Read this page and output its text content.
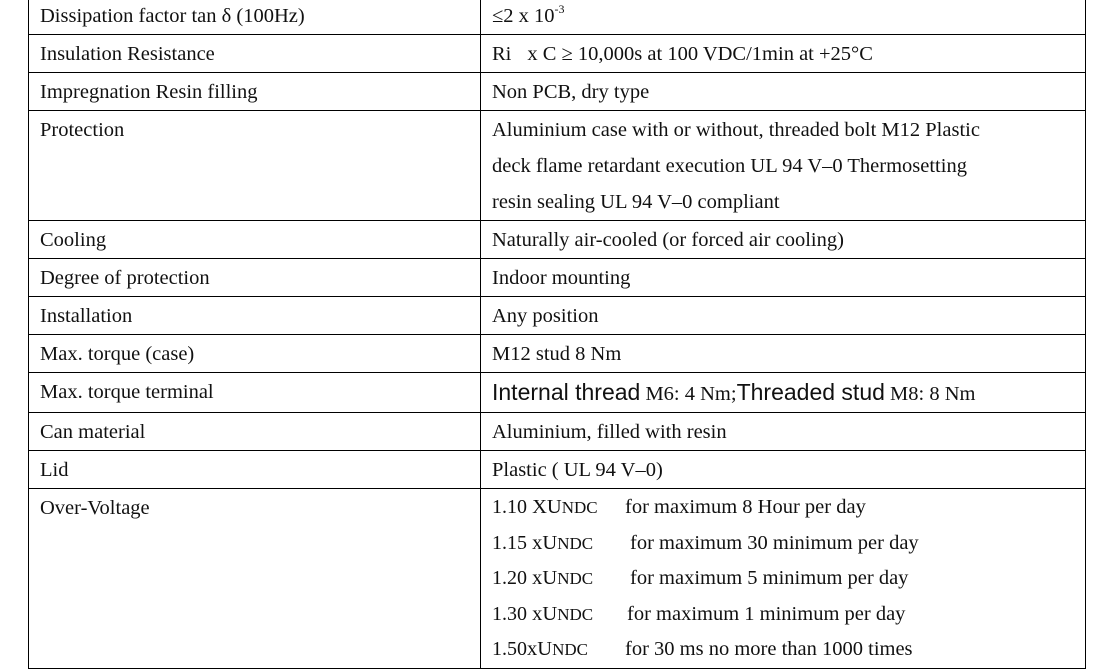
Dissipation factor tan δ (100Hz)	≤2 x $10^{-3}$
Insulation Resistance	Ri x C ≥ 10,000s at 100 VDC/1min at +25°C
Impregnation Resin filling	Non PCB, dry type
Protection	Aluminium case with or without, threaded bolt M12 Plastic
deck flame retardant execution UL 94 V–0 Thermosetting
resin sealing UL 94 V–0 compliant

Cooling	Naturally air-cooled (or forced air cooling)
Degree of protection	Indoor mounting
Installation	Any position
Max. torque (case)	M12 stud 8 Nm
Max. torque terminal	Internal thread M6: 4 Nm;Threaded stud M8: 8 Nm
Can material	Aluminium, filled with resin
Lid	Plastic ( UL 94 V–0)
Over-Voltage	1.10 XUNDC for maximum 8 Hour per day
1.15 xUNDC for maximum 30 minimum per day
1.20 xUNDC for maximum 5 minimum per day
1.30 xUNDC for maximum 1 minimum per day
1.50xUNDC for 30 ms no more than 1000 times
